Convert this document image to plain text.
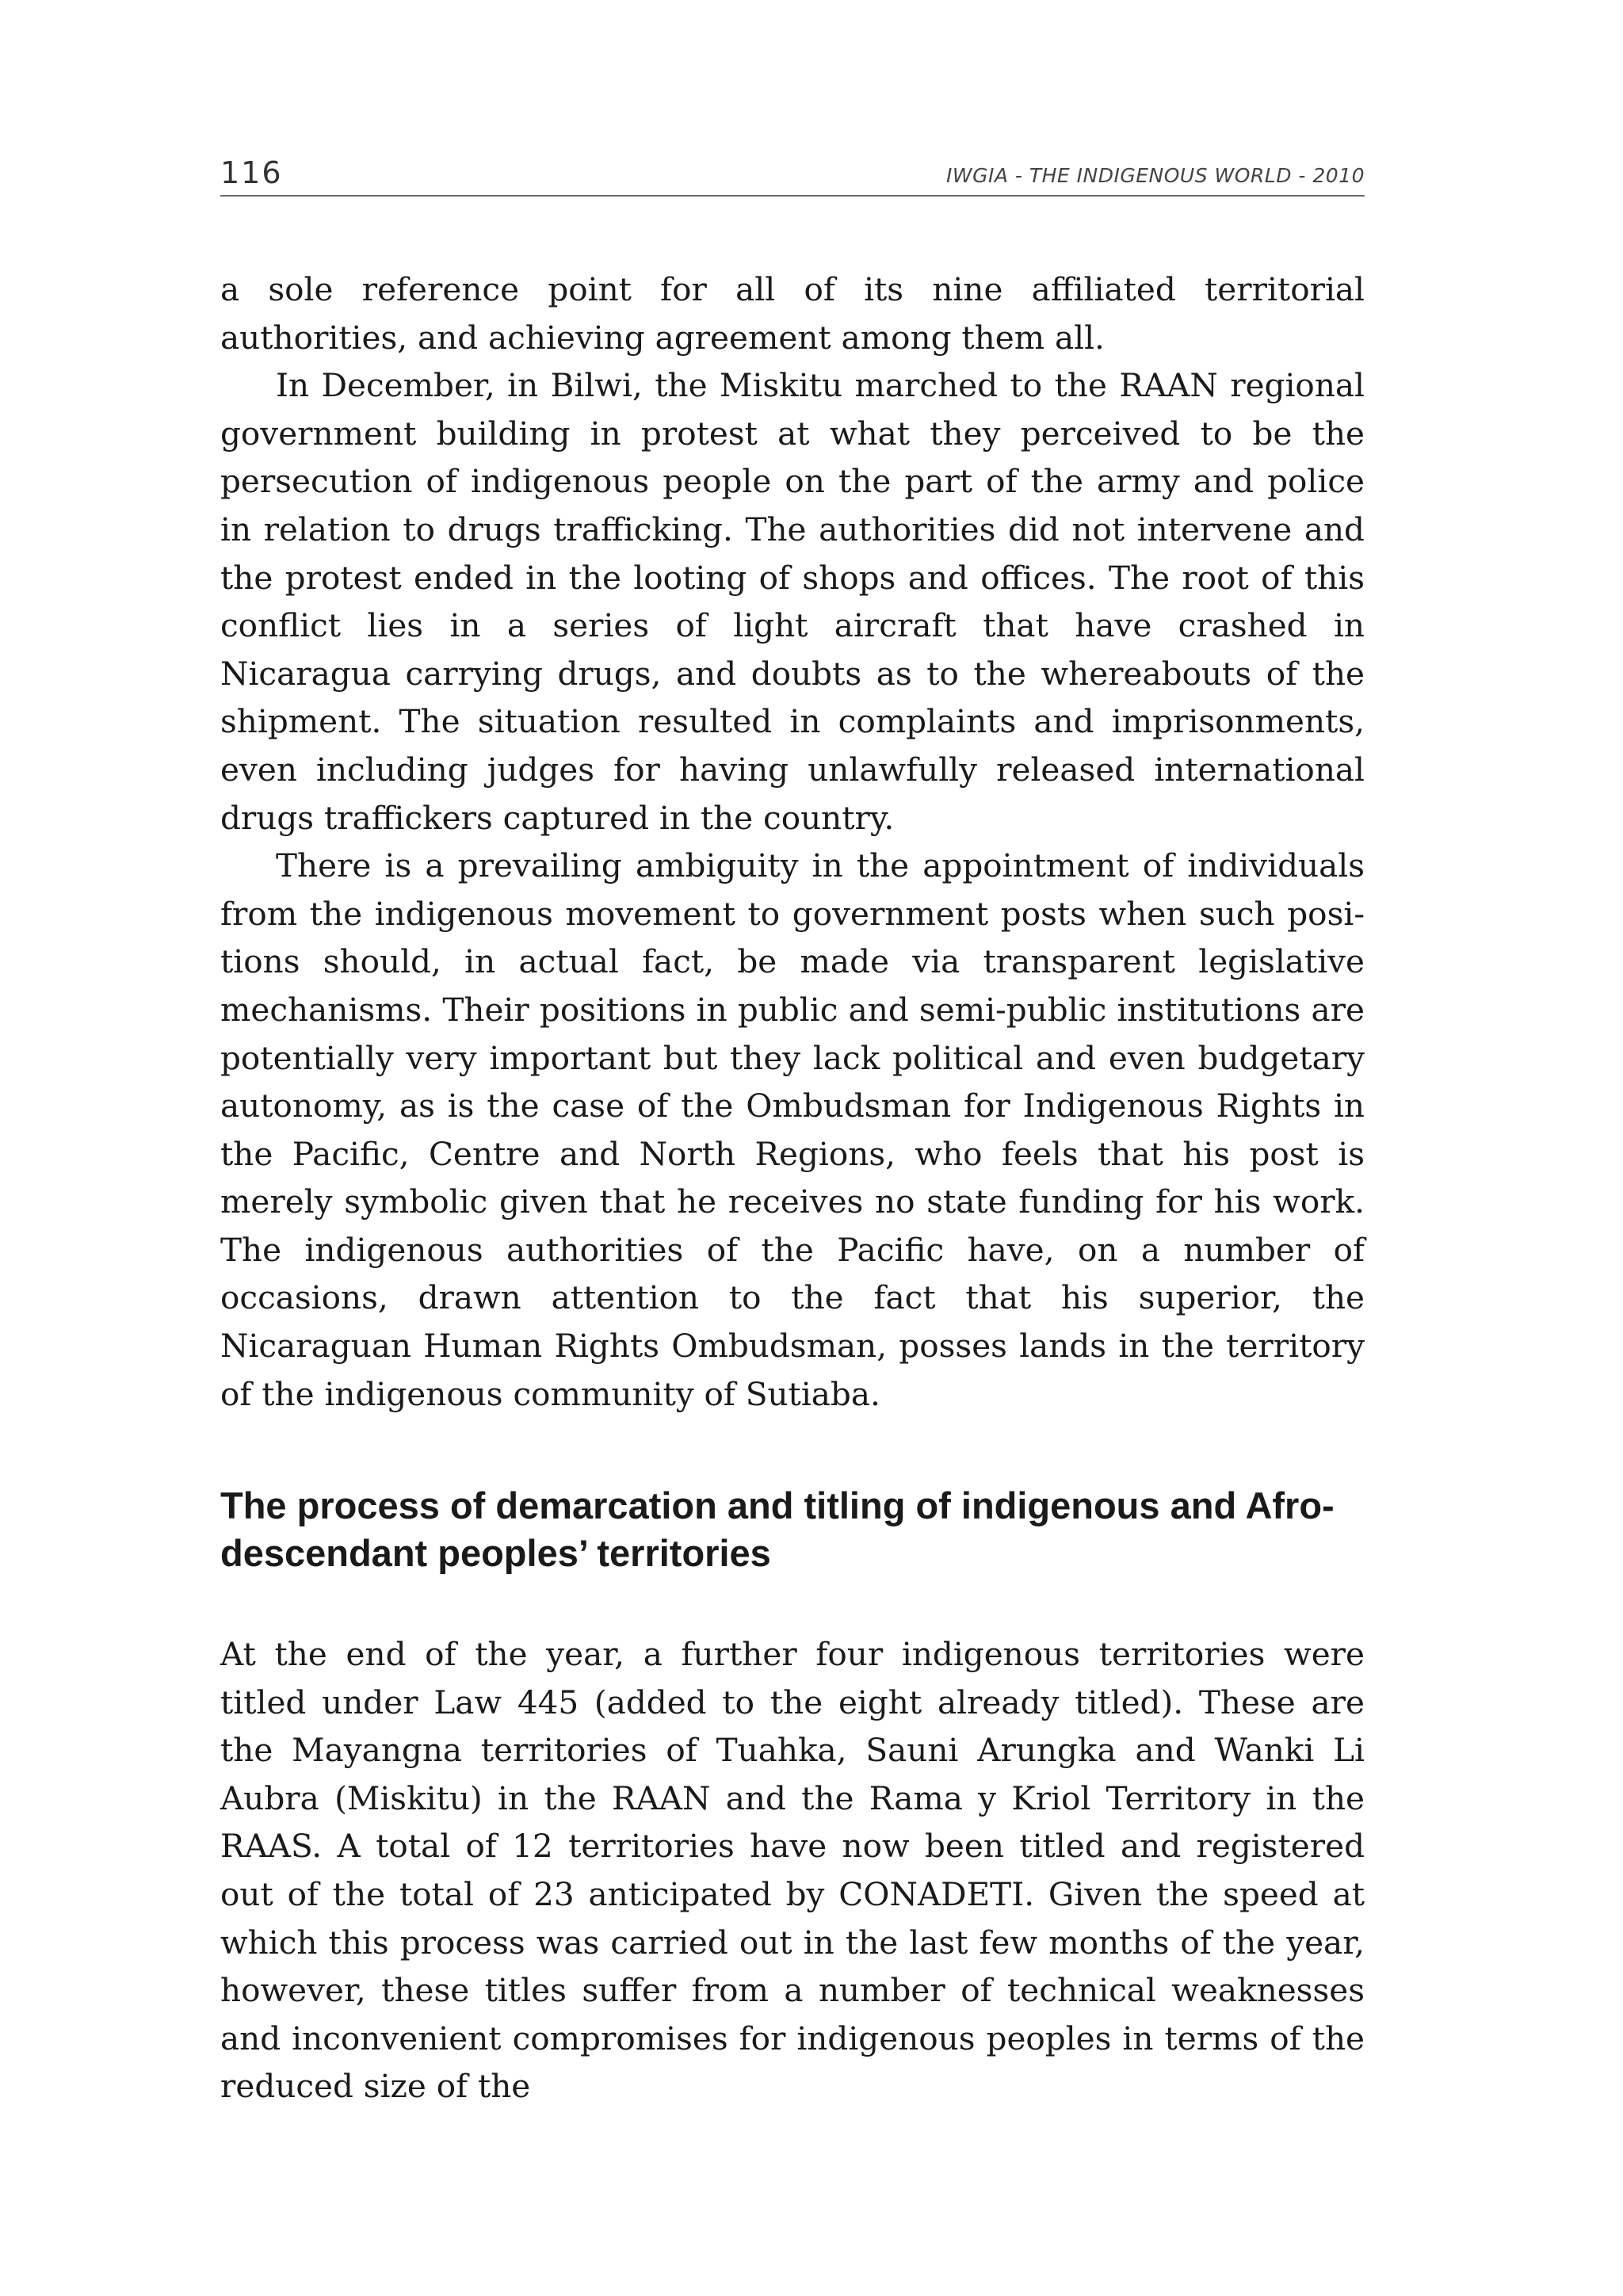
116	IWGIA - THE INDIGENOUS WORLD - 2010

a sole reference point for all of its nine affiliated territorial authorities, and achieving agreement among them all.

In December, in Bilwi, the Miskitu marched to the RAAN regional government building in protest at what they perceived to be the persecution of indigenous people on the part of the army and police in relation to drugs trafficking. The authorities did not intervene and the protest ended in the looting of shops and offices. The root of this conflict lies in a series of light aircraft that have crashed in Nicaragua carrying drugs, and doubts as to the whereabouts of the shipment. The situation resulted in complaints and imprisonments, even including judges for having unlawfully released international drugs traffickers captured in the country.

There is a prevailing ambiguity in the appointment of individuals from the indigenous movement to government posts when such positions should, in actual fact, be made via transparent legislative mechanisms. Their positions in public and semi-public institutions are potentially very important but they lack political and even budgetary autonomy, as is the case of the Ombudsman for Indigenous Rights in the Pacific, Centre and North Regions, who feels that his post is merely symbolic given that he receives no state funding for his work. The indigenous authorities of the Pacific have, on a number of occasions, drawn attention to the fact that his superior, the Nicaraguan Human Rights Ombudsman, posses lands in the territory of the indigenous community of Sutiaba.

The process of demarcation and titling of indigenous and Afro-descendant peoples’ territories

At the end of the year, a further four indigenous territories were titled under Law 445 (added to the eight already titled). These are the Mayangna territories of Tuahka, Sauni Arungka and Wanki Li Aubra (Miskitu) in the RAAN and the Rama y Kriol Territory in the RAAS. A total of 12 territories have now been titled and registered out of the total of 23 anticipated by CONADETI. Given the speed at which this process was carried out in the last few months of the year, however, these titles suffer from a number of technical weaknesses and inconvenient compromises for indigenous peoples in terms of the reduced size of the
